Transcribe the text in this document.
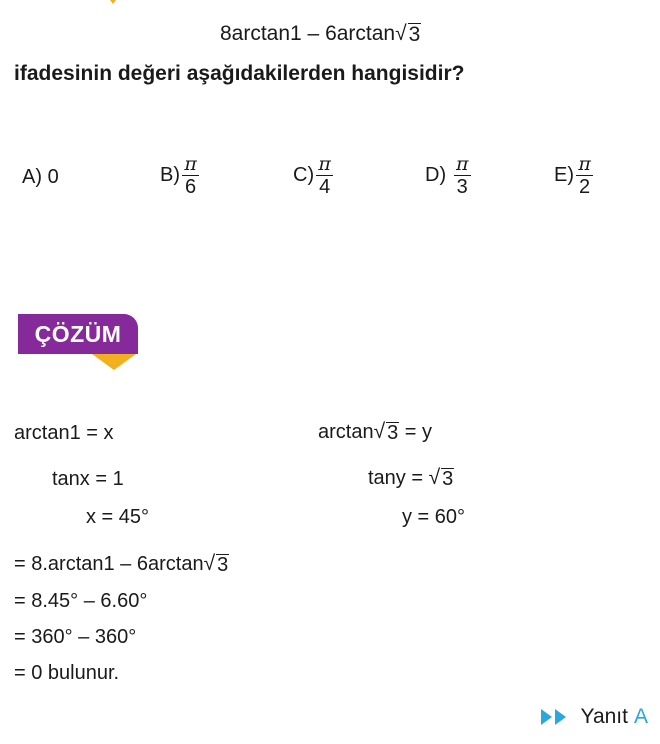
8arctan1 – 6arctan √ 3
ifadesinin değeri aşağıdakilerden hangisidir?
A)
0	$B) \frac{\pi}{6}$	$C) \frac{\pi}{4}$	D)
$\frac{\pi}{3}$	$E) \frac{\pi}{2}$
ÇÖZÜM
arctan1 = x
tanx = 1
x = 45°
arctan √ 3 = y
tany = √ 3
y = 60°
= 8.arctan1 – 6arctan √ 3
= 8.45° – 6.60°
= 360° – 360°
= 0 bulunur.
Yanıt A
